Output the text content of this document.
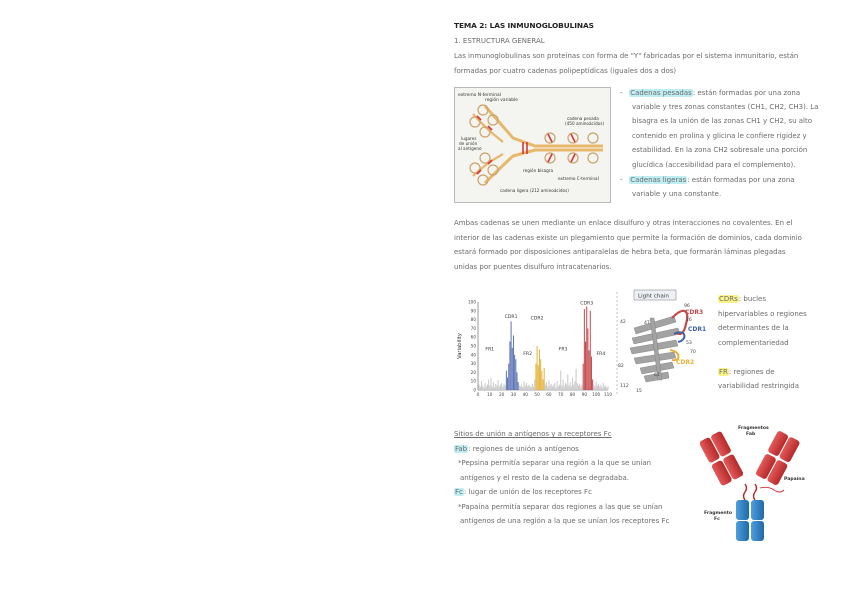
TEMA 2: LAS INMUNOGLOBULINAS
1. ESTRUCTURA GENERAL
Las inmunoglobulinas son proteínas con forma de "Y" fabricadas por el sistema inmunitario, están
formadas por cuatro cadenas polipeptídicas (iguales dos a dos)
extremo N-terminal
región variable
lugares
de unión
al antígeno
cadena pesada
(450 aminoácidos)
región bisagra
extremo C-terminal
cadena ligera (212 aminoácidos)
- Cadenas pesadas: están formadas por una zona
variable y tres zonas constantes (CH1, CH2, CH3). La
bisagra es la unión de las zonas CH1 y CH2, su alto
contenido en prolina y glicina le confiere rigidez y
estabilidad. En la zona CH2 sobresale una porción
glucídica (accesibilidad para el complemento).
- Cadenas ligeras: están formadas por una zona
variable y una constante.
Ambas cadenas se unen mediante un enlace disulfuro y otras interacciones no covalentes. En el
interior de las cadenas existe un plegamiento que permite la formación de dominios, cada dominio
estará formado por disposiciones antiparalelas de hebra beta, que formarán láminas plegadas
unidas por puentes disulfuro intracatenarios.
0
10
20
30
40
50
60
70
80
90
100
0 10 20 30 40 50 60 70 80 90 100 110
Variability	FR1
CDR1
FR2
CDR2
FR3
CDR3
FR4
Light chain
96
CDR3
26
CDR1
42	47
53
70
CDR2
82
61
112
15
CDRs: bucles
hipervariables o regiones
determinantes de la
complementariedad
FR: regiones de
variabilidad restringida
Sitios de unión a antígenos y a receptores Fc
Fab: regiones de unión a antígenos
*Pepsina permitía separar una región a la que se unían
antígenos y el resto de la cadena se degradaba.
Fc: lugar de unión de los receptores Fc
*Papaína permitía separar dos regiones a las que se unían
antígenos de una región a la que se unían los receptores Fc
Fragmentos
Fab
Papaína
Fragmento
Fc
